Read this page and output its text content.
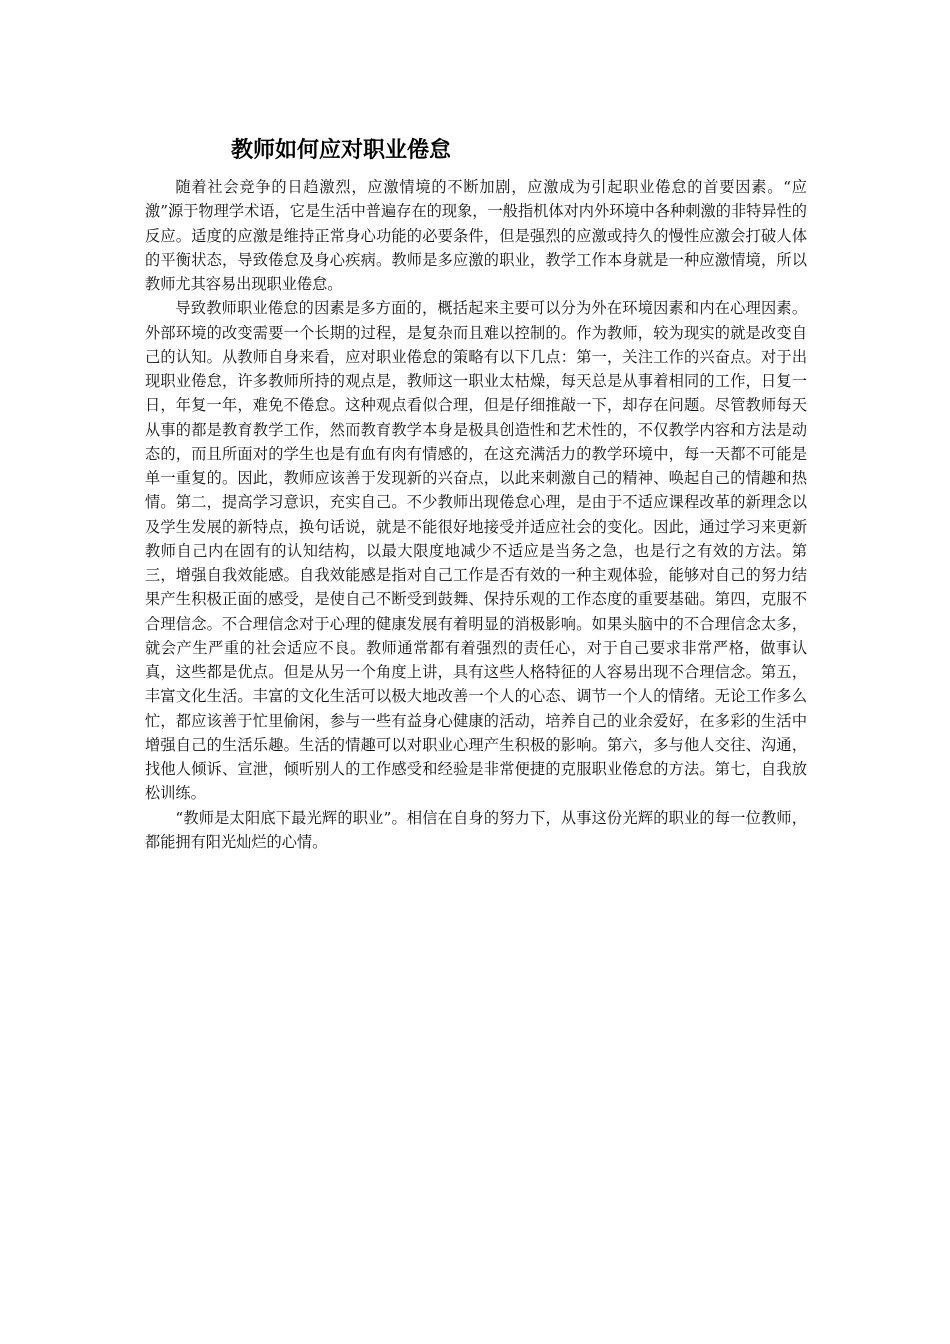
教师如何应对职业倦怠

随着社会竞争的日趋激烈，应激情境的不断加剧，应激成为引起职业倦怠的首要因素。“应激”源于物理学术语，它是生活中普遍存在的现象，一般指机体对内外环境中各种刺激的非特异性的反应。适度的应激是维持正常身心功能的必要条件，但是强烈的应激或持久的慢性应激会打破人体的平衡状态，导致倦怠及身心疾病。教师是多应激的职业，教学工作本身就是一种应激情境，所以教师尤其容易出现职业倦怠。

导致教师职业倦怠的因素是多方面的，概括起来主要可以分为外在环境因素和内在心理因素。外部环境的改变需要一个长期的过程，是复杂而且难以控制的。作为教师，较为现实的就是改变自己的认知。从教师自身来看，应对职业倦怠的策略有以下几点：第一，关注工作的兴奋点。对于出现职业倦怠，许多教师所持的观点是，教师这一职业太枯燥，每天总是从事着相同的工作，日复一日，年复一年，难免不倦怠。这种观点看似合理，但是仔细推敲一下，却存在问题。尽管教师每天从事的都是教育教学工作，然而教育教学本身是极具创造性和艺术性的，不仅教学内容和方法是动态的，而且所面对的学生也是有血有肉有情感的，在这充满活力的教学环境中，每一天都不可能是单一重复的。因此，教师应该善于发现新的兴奋点，以此来刺激自己的精神、唤起自己的情趣和热情。第二，提高学习意识，充实自己。不少教师出现倦怠心理，是由于不适应课程改革的新理念以及学生发展的新特点，换句话说，就是不能很好地接受并适应社会的变化。因此，通过学习来更新教师自己内在固有的认知结构，以最大限度地减少不适应是当务之急，也是行之有效的方法。第三，增强自我效能感。自我效能感是指对自己工作是否有效的一种主观体验，能够对自己的努力结果产生积极正面的感受，是使自己不断受到鼓舞、保持乐观的工作态度的重要基础。第四，克服不合理信念。不合理信念对于心理的健康发展有着明显的消极影响。如果头脑中的不合理信念太多，就会产生严重的社会适应不良。教师通常都有着强烈的责任心，对于自己要求非常严格，做事认真，这些都是优点。但是从另一个角度上讲，具有这些人格特征的人容易出现不合理信念。第五，丰富文化生活。丰富的文化生活可以极大地改善一个人的心态、调节一个人的情绪。无论工作多么忙，都应该善于忙里偷闲，参与一些有益身心健康的活动，培养自己的业余爱好，在多彩的生活中增强自己的生活乐趣。生活的情趣可以对职业心理产生积极的影响。第六，多与他人交往、沟通，找他人倾诉、宣泄，倾听别人的工作感受和经验是非常便捷的克服职业倦怠的方法。第七，自我放松训练。

“教师是太阳底下最光辉的职业”。相信在自身的努力下，从事这份光辉的职业的每一位教师，都能拥有阳光灿烂的心情。
